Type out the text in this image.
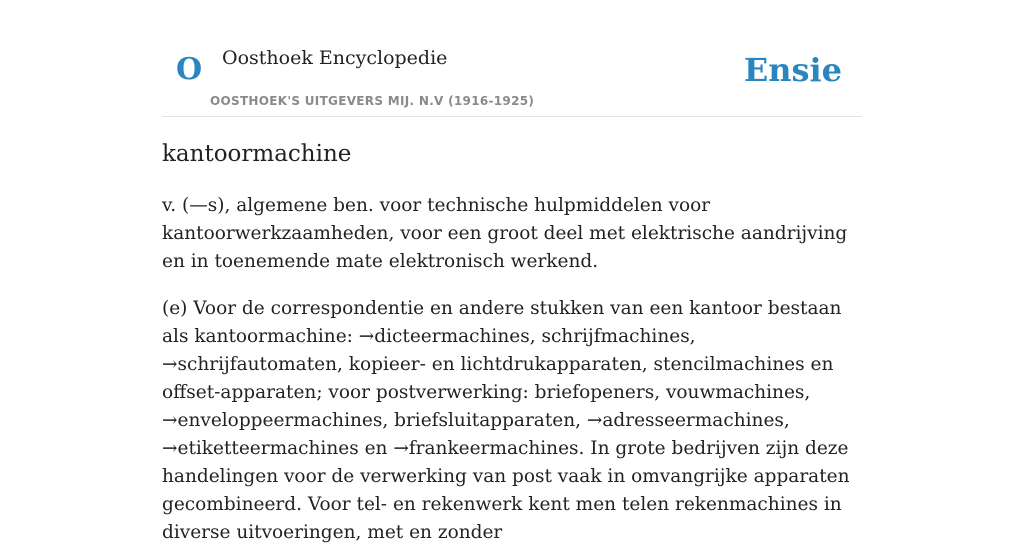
O Oosthoek Encyclopedie
OOSTHOEK'S UITGEVERS MIJ. N.V (1916-1925)
Ensie
kantoormachine

v. (—s), algemene ben. voor technische hulpmiddelen voor kantoorwerkzaamheden, voor een groot deel met elektrische aandrijving en in toenemende mate elektronisch werkend.

(e) Voor de correspondentie en andere stukken van een kantoor bestaan als kantoormachine: →dicteermachines, schrijfmachines, →schrijfautomaten, kopieer- en lichtdrukapparaten, stencilmachines en offset-apparaten; voor postverwerking: briefopeners, vouwmachines, →enveloppeermachines, briefsluitapparaten, →adresseermachines, →etiketteermachines en →frankeermachines. In grote bedrijven zijn deze handelingen voor de verwerking van post vaak in omvangrijke apparaten gecombineerd. Voor tel- en rekenwerk kent men telen rekenmachines in diverse uitvoeringen, met en zonder
